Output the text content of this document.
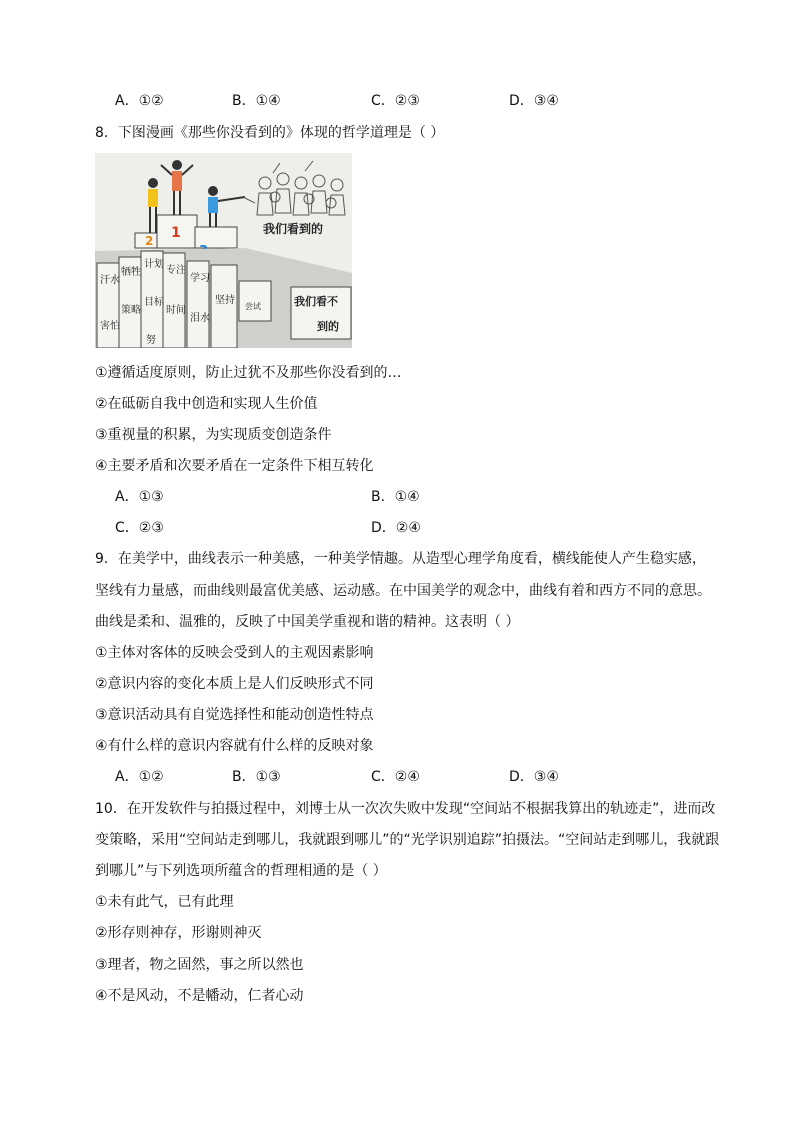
A．①②	B．①④	C．②③	D．③④
8．下图漫画《那些你没看到的》体现的哲学道理是（ ）
2 1	我们看到的
汗水
害怕
牺牲
策略
计划
目标
努
专注
时间
学习
泪水
坚持
尝试	我们看不
到的
①遵循适度原则，防止过犹不及那些你没看到的…
②在砥砺自我中创造和实现人生价值
③重视量的积累，为实现质变创造条件
④主要矛盾和次要矛盾在一定条件下相互转化
A．①③	B．①④
C．②③	D．②④
9．在美学中，曲线表示一种美感，一种美学情趣。从造型心理学角度看，横线能使人产生稳实感，
坚线有力量感，而曲线则最富优美感、运动感。在中国美学的观念中，曲线有着和西方不同的意思。
曲线是柔和、温雅的，反映了中国美学重视和谐的精神。这表明（ ）
①主体对客体的反映会受到人的主观因素影响
②意识内容的变化本质上是人们反映形式不同
③意识活动具有自觉选择性和能动创造性特点
④有什么样的意识内容就有什么样的反映对象
A．①②	B．①③	C．②④	D．③④
10．在开发软件与拍摄过程中，刘博士从一次次失败中发现“空间站不根据我算出的轨迹走”，进而改
变策略，采用“空间站走到哪儿，我就跟到哪儿”的“光学识别追踪”拍摄法。“空间站走到哪儿，我就跟
到哪儿”与下列选项所蕴含的哲理相通的是（ ）
①未有此气，已有此理
②形存则神存，形谢则神灭
③理者，物之固然，事之所以然也
④不是风动，不是幡动，仁者心动
